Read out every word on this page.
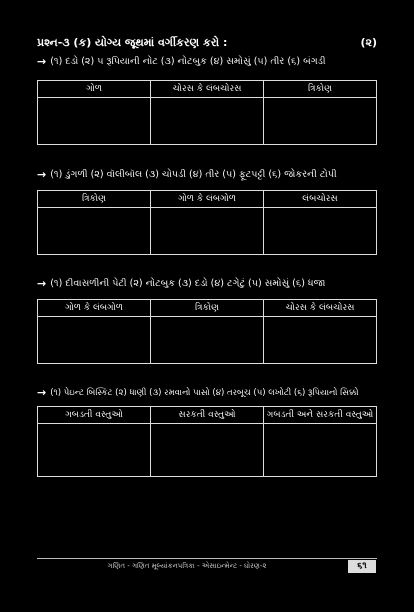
પ્રશ્ન-૩ (ક) યોગ્ય જૂથમાં વર્ગીકરણ કરો :	(૨)
→ (૧) દડો (૨) ૫ રૂપિયાની નોટ (૩) નોટબુક (૪) સમોસું (૫) તીર (૬) બંગડી
ગોળ	ચોરસ કે લંબચોરસ	ત્રિકોણ

→ (૧) ડુંગળી (૨) વૉલીબૉલ (૩) ચોપડી (૪) તીર (૫) ફૂટપટ્ટી (૬) જોકરની ટોપી
ત્રિકોણ	ગોળ કે લંબગોળ	લંબચોરસ

→ (૧) દીવાસળીની પેટી (૨) નોટબુક (૩) દડો (૪) ટગેટું (૫) સમોસું (૬) ધજા
ગોળ કે લંબગોળ	ત્રિકોણ	ચોરસ કે લંબચોરસ

→ (૧) પેઇન્ટ બિસ્કિટ (૨) ધાણી (૩) રમવાનો પાસો (૪) તરબૂચ (૫) લખોટી (૬) રૂપિયાનો સિક્કો
ગબડતી વસ્તુઓ	સરકતી વસ્તુઓ	ગબડતી અને સરકતી વસ્તુઓ

ગણિત - ગણિત મૂલ્યાંકનપત્રિકા - એસાઇન્મેન્ટ - ધોરણ-૨	૬૧
